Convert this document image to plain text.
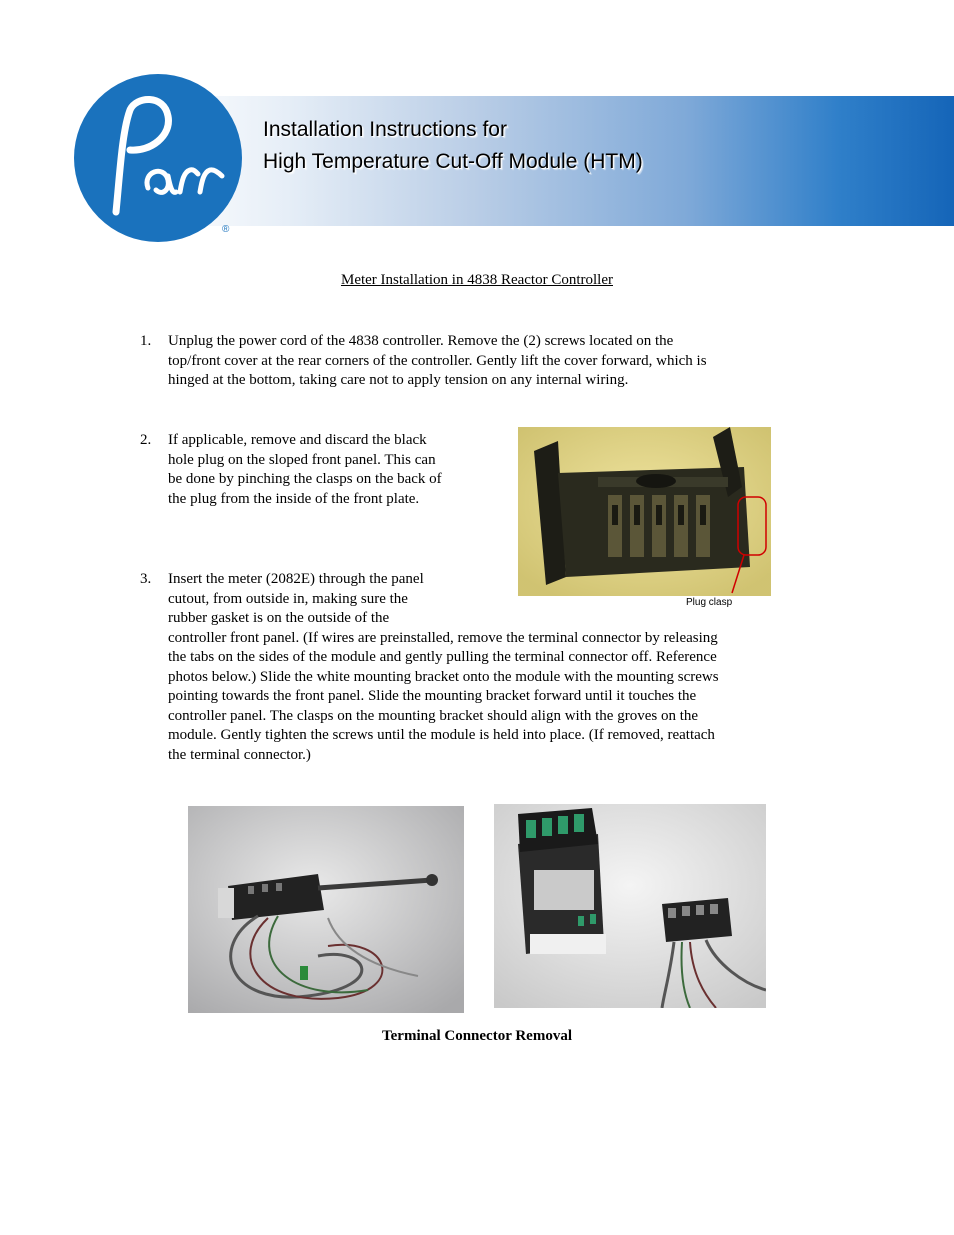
®
Installation Instructions for
High Temperature Cut-Off Module (HTM)
Meter Installation in 4838 Reactor Controller
1. Unplug the power cord of the 4838 controller. Remove the (2) screws located on the
top/front cover at the rear corners of the controller. Gently lift the cover forward, which is
hinged at the bottom, taking care not to apply tension on any internal wiring.
2. If applicable, remove and discard the black
hole plug on the sloped front panel. This can
be done by pinching the clasps on the back of
the plug from the inside of the front plate.
Plug clasp
3. Insert the meter (2082E) through the panel
cutout, from outside in, making sure the
rubber gasket is on the outside of the
controller front panel. (If wires are preinstalled, remove the terminal connector by releasing
the tabs on the sides of the module and gently pulling the terminal connector off. Reference
photos below.) Slide the white mounting bracket onto the module with the mounting screws
pointing towards the front panel. Slide the mounting bracket forward until it touches the
controller panel. The clasps on the mounting bracket should align with the groves on the
module. Gently tighten the screws until the module is held into place. (If removed, reattach
the terminal connector.)
Terminal Connector Removal
